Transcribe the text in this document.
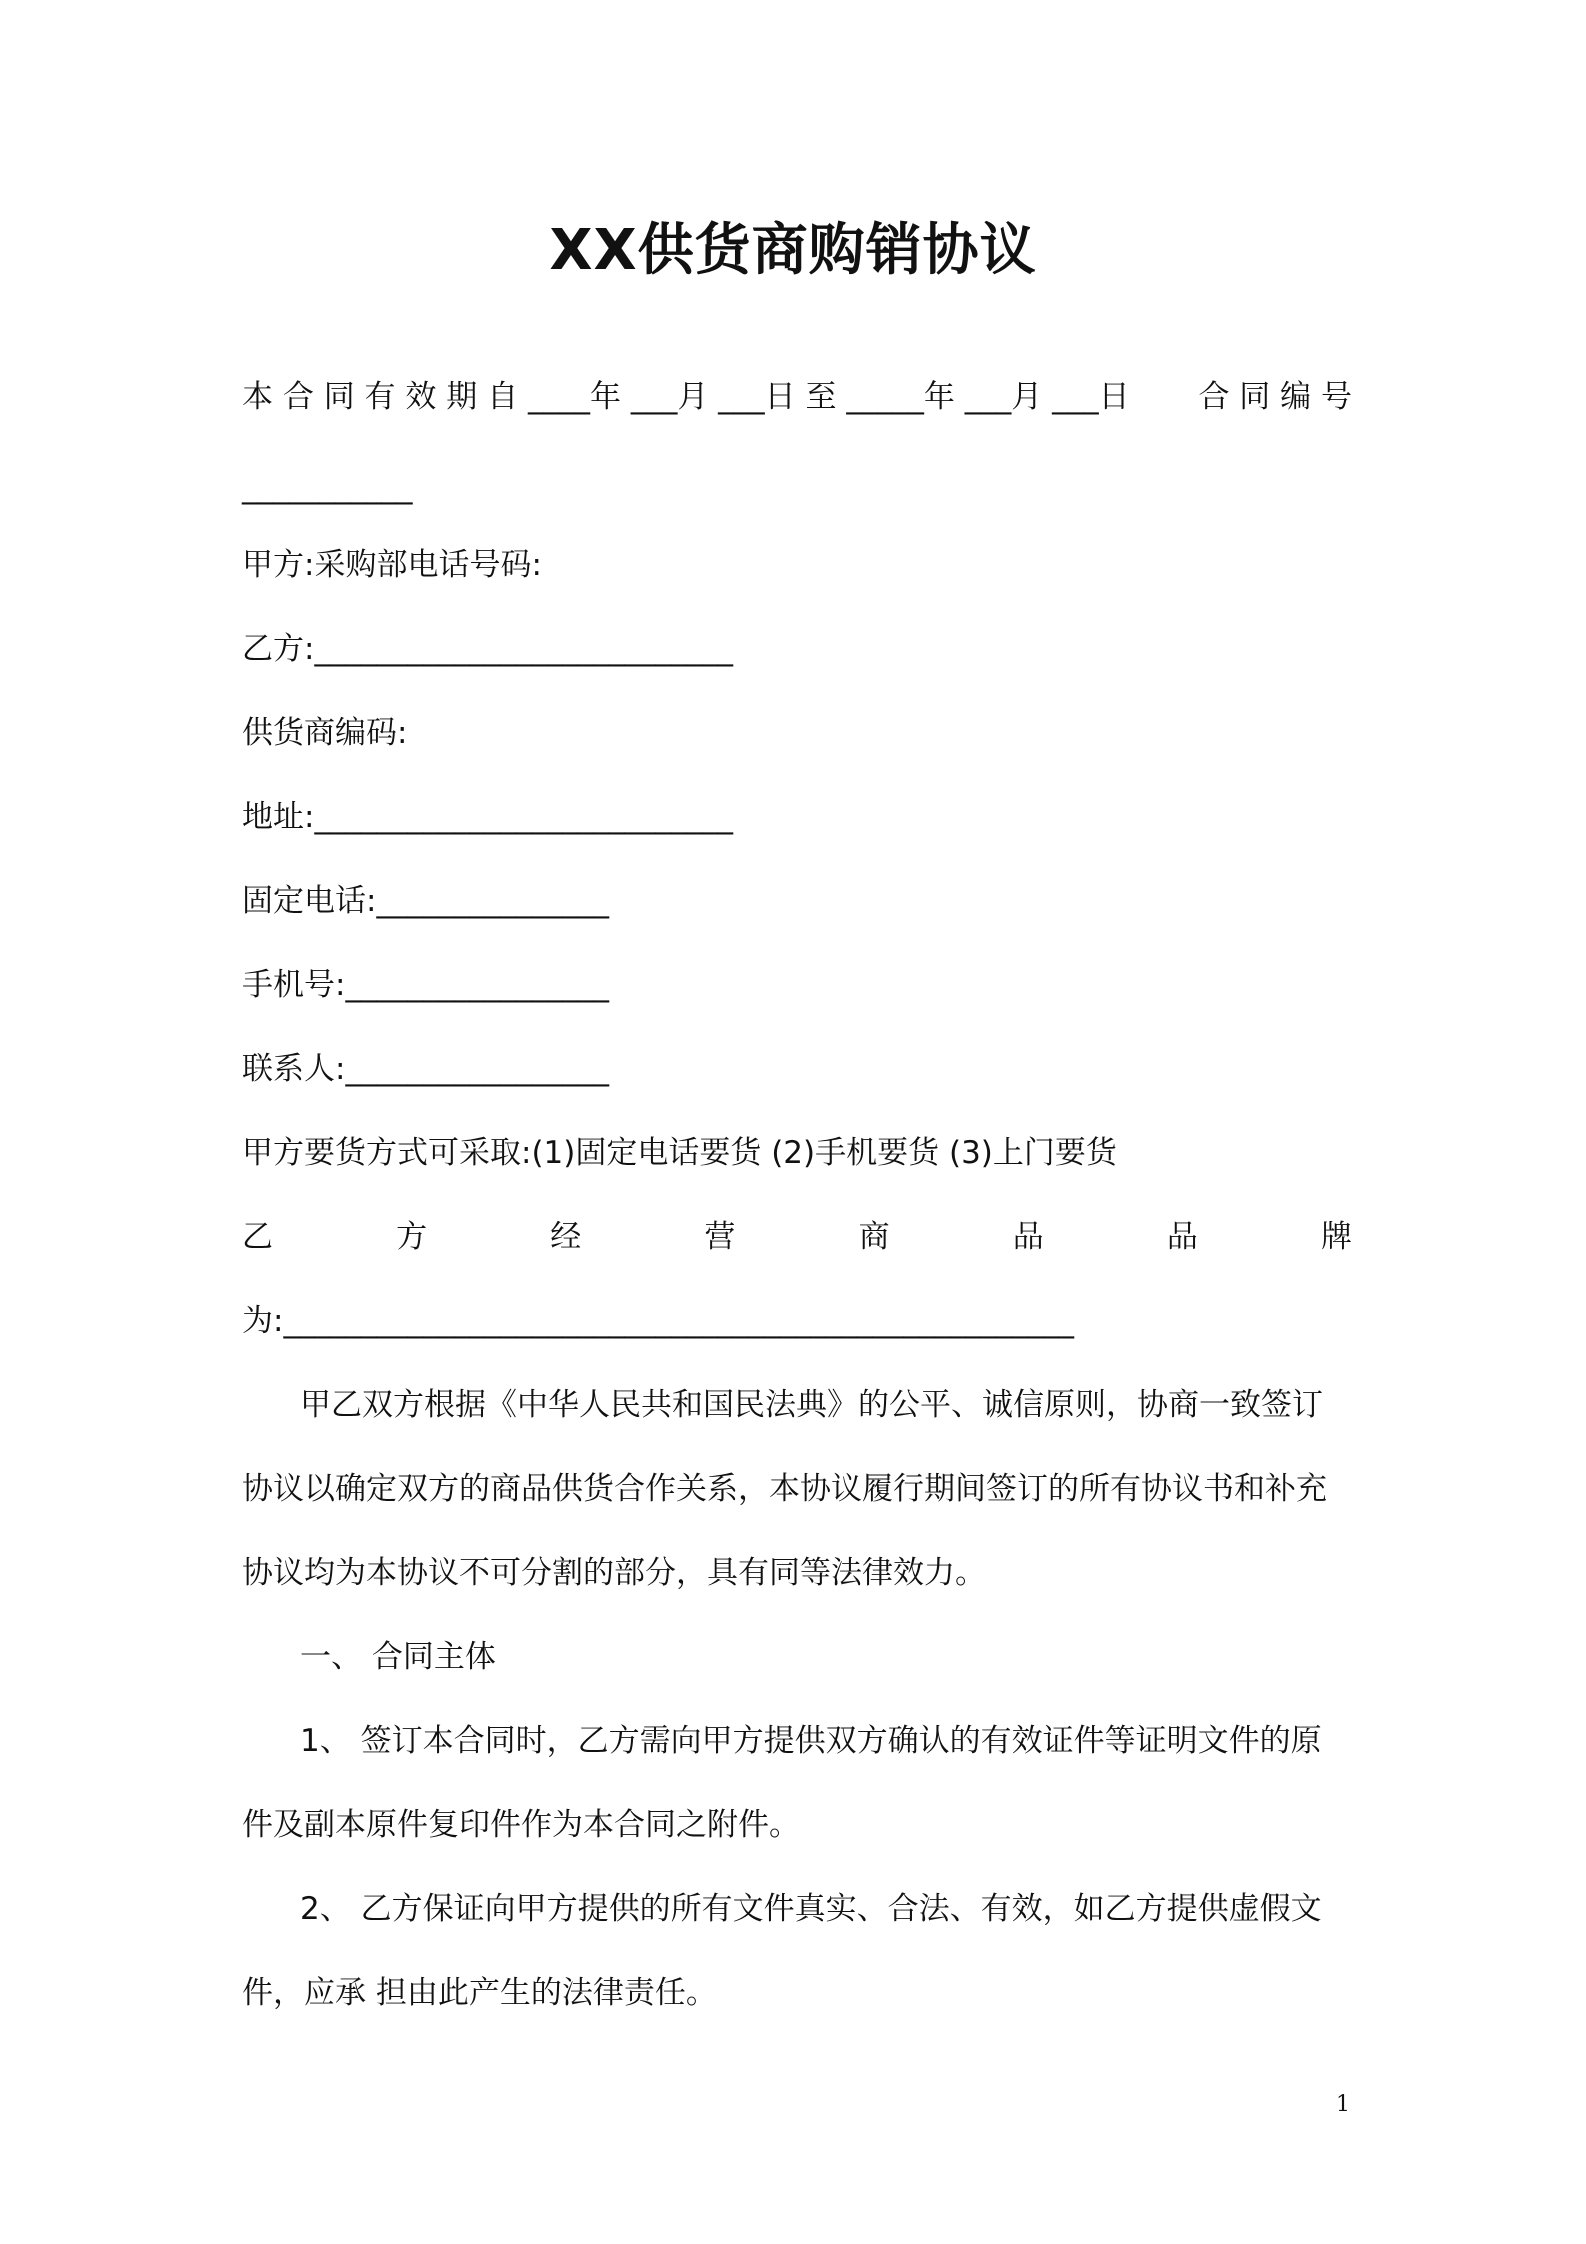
XX供货商购销协议
本 合 同 有 效 期 自 ____年 ___月 ___日 至 _____年 ___月 ___日 合 同 编 号
___________
甲方:采购部电话号码:
乙方:___________________________
供货商编码:
地址:___________________________
固定电话:_______________
手机号:_________________
联系人:_________________
甲方要货方式可采取:(1)固定电话要货 (2)手机要货 (3)上门要货
乙	方	经	营	商	品	品	牌
为:___________________________________________________
甲乙双方根据《中华人民共和国民法典》的公平、诚信原则，协商一致签订
协议以确定双方的商品供货合作关系，本协议履行期间签订的所有协议书和补充
协议均为本协议不可分割的部分，具有同等法律效力。
一、 合同主体
1、 签订本合同时，乙方需向甲方提供双方确认的有效证件等证明文件的原
件及副本原件复印件作为本合同之附件。
2、 乙方保证向甲方提供的所有文件真实、合法、有效，如乙方提供虚假文
件，应承 担由此产生的法律责任。
1
